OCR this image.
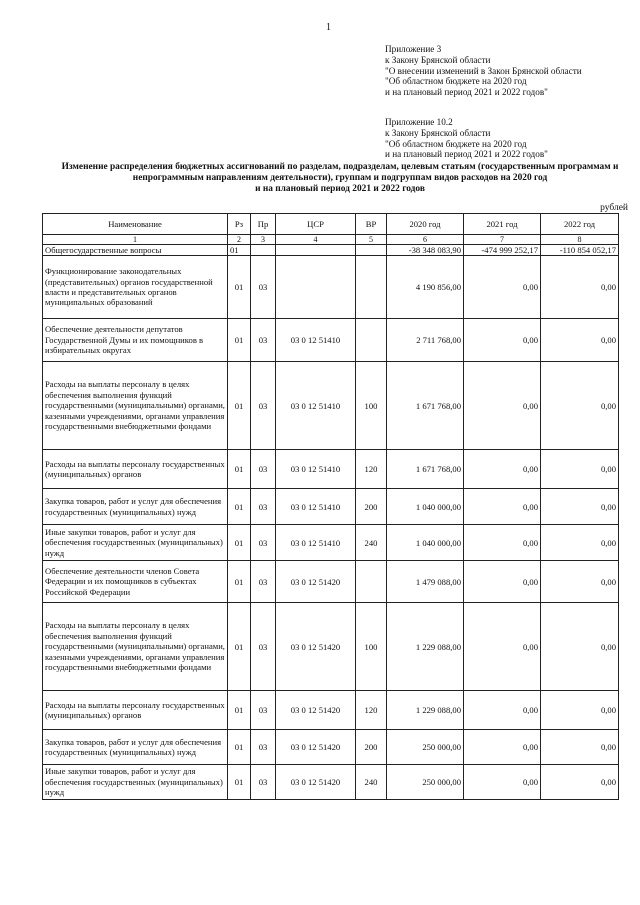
1
Приложение 3
к Закону Брянской области
"О внесении изменений в Закон Брянской области
"Об областном бюджете на 2020 год
и на плановый период 2021 и 2022 годов"
Приложение 10.2
к Закону Брянской области
"Об областном бюджете на 2020 год
и на плановый период 2021 и 2022 годов"
Изменение распределения бюджетных ассигнований по разделам, подразделам, целевым статьям (государственным программам и
непрограммным направлениям деятельности), группам и подгруппам видов расходов на 2020 год
и на плановый период 2021 и 2022 годов
рублей
Наименование	Рз	Пр	ЦСР	ВР	2020 год	2021 год	2022 год
1	2	3	4	5	6	7	8
Общегосударственные вопросы	01				-38 348 083,90	-474 999 252,17	-110 854 052,17
Функционирование законодательных (представительных) органов государственной власти и представительных органов муниципальных образований	01	03			4 190 856,00	0,00	0,00
Обеспечение деятельности депутатов Государственной Думы и их помощников в избирательных округах	01	03	03 0 12 51410		2 711 768,00	0,00	0,00
Расходы на выплаты персоналу в целях обеспечения выполнения функций государственными (муниципальными) органами, казенными учреждениями, органами управления государственными внебюджетными фондами	01	03	03 0 12 51410	100	1 671 768,00	0,00	0,00
Расходы на выплаты персоналу государственных (муниципальных) органов	01	03	03 0 12 51410	120	1 671 768,00	0,00	0,00
Закупка товаров, работ и услуг для обеспечения государственных (муниципальных) нужд	01	03	03 0 12 51410	200	1 040 000,00	0,00	0,00
Иные закупки товаров, работ и услуг для обеспечения государственных (муниципальных) нужд	01	03	03 0 12 51410	240	1 040 000,00	0,00	0,00
Обеспечение деятельности членов Совета Федерации и их помощников в субъектах Российской Федерации	01	03	03 0 12 51420		1 479 088,00	0,00	0,00
Расходы на выплаты персоналу в целях обеспечения выполнения функций государственными (муниципальными) органами, казенными учреждениями, органами управления государственными внебюджетными фондами	01	03	03 0 12 51420	100	1 229 088,00	0,00	0,00
Расходы на выплаты персоналу государственных (муниципальных) органов	01	03	03 0 12 51420	120	1 229 088,00	0,00	0,00
Закупка товаров, работ и услуг для обеспечения государственных (муниципальных) нужд	01	03	03 0 12 51420	200	250 000,00	0,00	0,00
Иные закупки товаров, работ и услуг для обеспечения государственных (муниципальных) нужд	01	03	03 0 12 51420	240	250 000,00	0,00	0,00
